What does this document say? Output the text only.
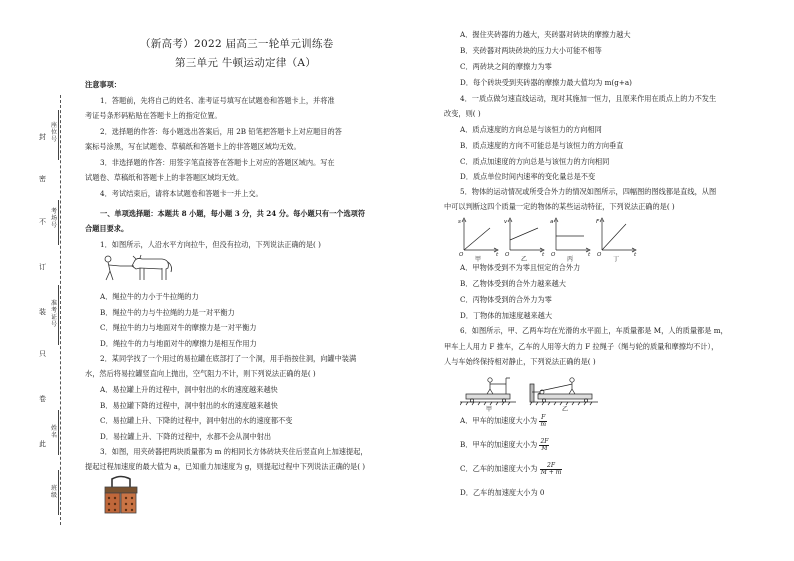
封
座位号
密
不
考场号
订
准考证号
装
只
卷
此
姓名
班级
（新高考）2022 届高三一轮单元训练卷
第三单元 牛顿运动定律（A）
注意事项：
1．答题前，先将自己的姓名、准考证号填写在试题卷和答题卡上，并将准
考证号条形码粘贴在答题卡上的指定位置。
2．选择题的作答：每小题选出答案后，用 2B 铅笔把答题卡上对应题目的答
案标号涂黑，写在试题卷、草稿纸和答题卡上的非答题区域均无效。
3．非选择题的作答：用签字笔直接答在答题卡上对应的答题区域内。写在
试题卷、草稿纸和答题卡上的非答题区域均无效。
4．考试结束后，请将本试题卷和答题卡一并上交。
一、单项选择题：本题共 8 小题，每小题 3 分，共 24 分。每小题只有一个选项符
合题目要求。
1．如图所示，人沿水平方向拉牛，但没有拉动，下列说法正确的是( )
A．绳拉牛的力小于牛拉绳的力
B．绳拉牛的力与牛拉绳的力是一对平衡力
C．绳拉牛的力与地面对牛的摩擦力是一对平衡力
D．绳拉牛的力与地面对牛的摩擦力是相互作用力
2．某同学找了一个用过的易拉罐在底部打了一个洞，用手指按住洞，向罐中装满
水，然后将易拉罐竖直向上抛出，空气阻力不计，则下列说法正确的是( )
A．易拉罐上升的过程中，洞中射出的水的速度越来越快
B．易拉罐下降的过程中，洞中射出的水的速度越来越快
C．易拉罐上升、下降的过程中，洞中射出的水的速度都不变
D．易拉罐上升、下降的过程中，水都不会从洞中射出
3．如图，用夹砖器把两块质量都为 m 的相同长方体砖块夹住后竖直向上加速提起，
提起过程加速度的最大值为 a，已知重力加速度为 g，则提起过程中下列说法正确的是( )
A．握住夹砖器的力越大，夹砖器对砖块的摩擦力越大
B．夹砖器对两块砖块的压力大小可能不相等
C．两砖块之间的摩擦力为零
D．每个砖块受到夹砖器的摩擦力最大值均为 m(g+a)
4．一质点做匀速直线运动，现对其施加一恒力，且原来作用在质点上的力不发生
改变，则( )
A．质点速度的方向总是与该恒力的方向相同
B．质点速度的方向不可能总是与该恒力的方向垂直
C．质点加速度的方向总是与该恒力的方向相同
D．质点单位时间内速率的变化量总是不变
5．物体的运动情况或所受合外力的情况如图所示，四幅图的图线都是直线，从图
中可以判断这四个质量一定的物体的某些运动特征，下列说法正确的是( )
s
t
O
v
t
O
a
t
O
F
t
O
甲	乙	丙	丁
A．甲物体受到不为零且恒定的合外力
B．乙物体受到的合外力越来越大
C．丙物体受到的合外力为零
D．丁物体的加速度越来越大
6．如图所示，甲、乙两车均在光滑的水平面上，车质量都是 M，人的质量都是 m，
甲车上人用力 F 推车，乙车的人用等大的力 F 拉绳子（绳与轮的质量和摩擦均不计），
人与车始终保持相对静止，下列说法正确的是( )
甲	乙
A．甲车的加速度大小为 $\frac{F}{m}$
B．甲车的加速度大小为 $\frac{2F}{M}$
C．乙车的加速度大小为 $\frac{2F}{M + m}$
D．乙车的加速度大小为 0
